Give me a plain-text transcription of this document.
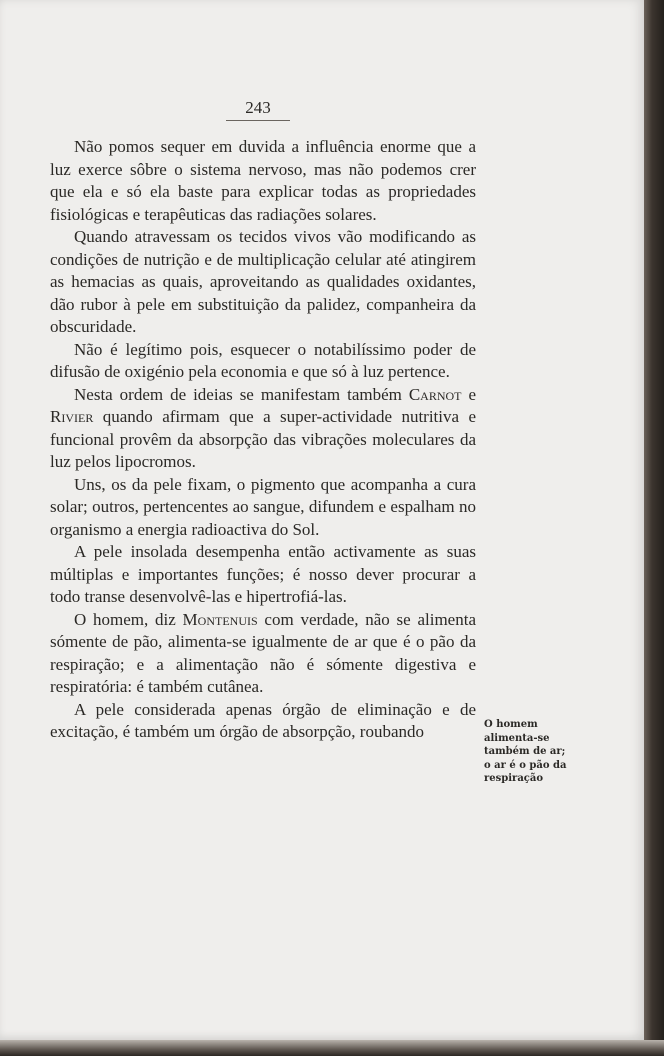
243

Não pomos sequer em duvida a influência enorme que a luz exerce sôbre o sistema nervoso, mas não podemos crer que ela e só ela baste para explicar todas as propriedades fisiológicas e terapêuticas das radiações solares.

Quando atravessam os tecidos vivos vão modificando as condições de nutrição e de multiplicação celular até atingirem as hemacias as quais, aproveitando as qualidades oxidantes, dão rubor à pele em substituição da palidez, companheira da obscuridade.

Não é legítimo pois, esquecer o notabilíssimo poder de difusão de oxigénio pela economia e que só à luz pertence.

Nesta ordem de ideias se manifestam também Carnot e Rivier quando afirmam que a super-actividade nutritiva e funcional provêm da absorpção das vibrações moleculares da luz pelos lipocromos.

Uns, os da pele fixam, o pigmento que acompanha a cura solar; outros, pertencentes ao sangue, difundem e espalham no organismo a energia radioactiva do Sol.

A pele insolada desempenha então activamente as suas múltiplas e importantes funções; é nosso dever procurar a todo transe desenvolvê-las e hipertrofiá-las.

O homem, diz Montenuis com verdade, não se alimenta sómente de pão, alimenta-se igualmente de ar que é o pão da respiração; e a alimentação não é sómente digestiva e respiratória: é também cutânea.

A pele considerada apenas órgão de eliminação e de excitação, é também um órgão de absorpção, roubando	O homem alimenta-se também de ar; o ar é o pão da respiração
